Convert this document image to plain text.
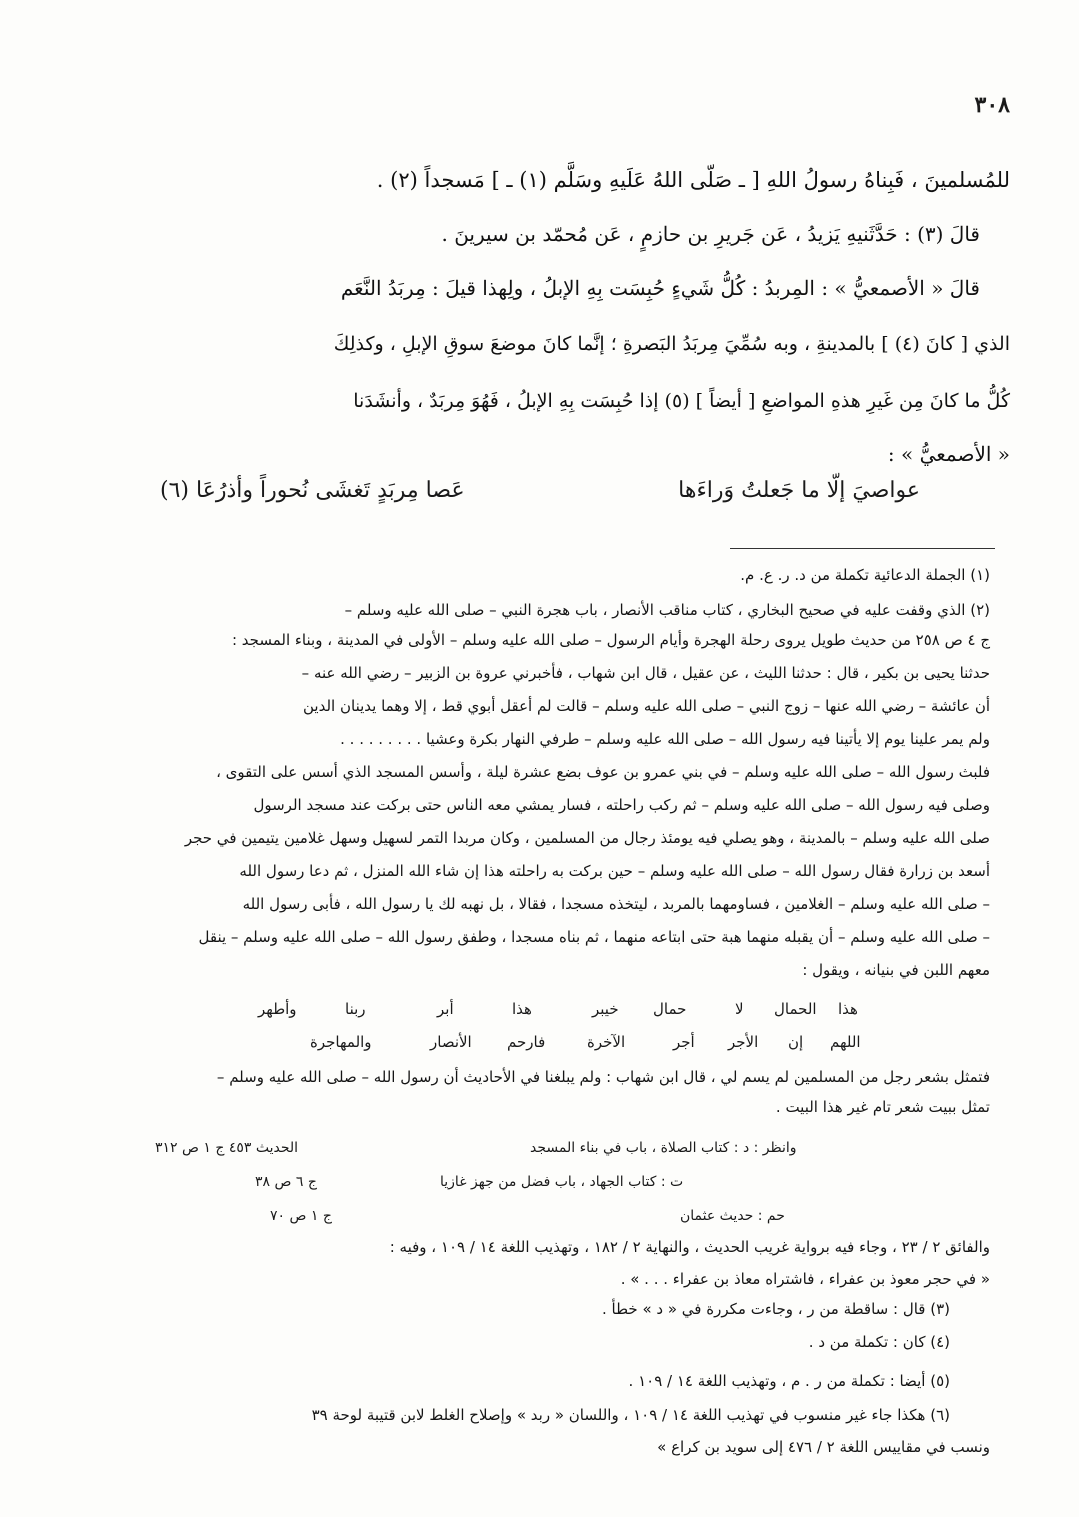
٣٠٨
للمُسلمينَ ، فَبِناهُ رسولُ اللهِ [ ـ صَلّى اللهُ عَلَيهِ وسَلَّم (١) ـ ] مَسجداً (٢) .
قالَ (٣) : حَدَّثَنيهِ يَزيدُ ، عَن جَريرِ بن حازمٍ ، عَن مُحمّد بن سيرينَ .
قالَ « الأصمعيُّ » : المِربدُ : كُلُّ شَيءٍ حُبِسَت بِهِ الإبلُ ، ولِهذا قيلَ : مِربَدُ النَّعَم
الذي [ كانَ (٤) ] بالمدينةِ ، وبه سُمِّيَ مِربَدُ البَصرةِ ؛ إنَّما كانَ موضعَ سوقِ الإبلِ ، وكذلِكَ
كُلُّ ما كانَ مِن غَيرِ هذهِ المواضعِ [ أيضاً ] (٥) إذا حُبِسَت بِهِ الإبلُ ، فَهُوَ مِربَدٌ ، وأنشَدَنا
« الأصمعيُّ » :
عواصيَ إلّا ما جَعلتُ وَراءَها
عَصا مِربَدٍ تَغشَى نُحوراً وأذرُعَا (٦)
(١) الجملة الدعائية تكملة من د. ر. ع. م.
(٢) الذي وقفت عليه في صحيح البخاري ، كتاب مناقب الأنصار ، باب هجرة النبي – صلى الله عليه وسلم –
ج ٤ ص ٢٥٨ من حديث طويل يروى رحلة الهجرة وأيام الرسول – صلى الله عليه وسلم – الأولى في المدينة ، وبناء المسجد :
حدثنا يحيى بن بكير ، قال : حدثنا الليث ، عن عقيل ، قال ابن شهاب ، فأخبرني عروة بن الزبير – رضي الله عنه –
أن عائشة – رضي الله عنها – زوج النبي – صلى الله عليه وسلم – قالت لم أعقل أبوي قط ، إلا وهما يدينان الدين
ولم يمر علينا يوم إلا يأتينا فيه رسول الله – صلى الله عليه وسلم – طرفي النهار بكرة وعشيا . . . . . . . . .
فلبث رسول الله – صلى الله عليه وسلم – في بني عمرو بن عوف بضع عشرة ليلة ، وأسس المسجد الذي أسس على التقوى ،
وصلى فيه رسول الله – صلى الله عليه وسلم – ثم ركب راحلته ، فسار يمشي معه الناس حتى بركت عند مسجد الرسول
صلى الله عليه وسلم – بالمدينة ، وهو يصلي فيه يومئذ رجال من المسلمين ، وكان مربدا التمر لسهيل وسهل غلامين يتيمين في حجر
أسعد بن زرارة فقال رسول الله – صلى الله عليه وسلم – حين بركت به راحلته هذا إن شاء الله المنزل ، ثم دعا رسول الله
– صلى الله عليه وسلم – الغلامين ، فساومهما بالمربد ، ليتخذه مسجدا ، فقالا ، بل نهبه لك يا رسول الله ، فأبى رسول الله
– صلى الله عليه وسلم – أن يقبله منهما هبة حتى ابتاعه منهما ، ثم بناه مسجدا ، وطفق رسول الله – صلى الله عليه وسلم – ينقل
معهم اللبن في بنيانه ، ويقول :
هذا
الحمال
لا
حمال
خيبر
هذا
أبر
ربنا
وأطهر
اللهم
إن
الأجر
أجر
الآخرة
فارحم
الأنصار
والمهاجرة
فتمثل بشعر رجل من المسلمين لم يسم لي ، قال ابن شهاب : ولم يبلغنا في الأحاديث أن رسول الله – صلى الله عليه وسلم –
تمثل ببيت شعر تام غير هذا البيت .
وانظر : د : كتاب الصلاة ، باب في بناء المسجد
الحديث ٤٥٣ ج ١ ص ٣١٢
ت : كتاب الجهاد ، باب فضل من جهز غازيا
ج ٦ ص ٣٨
حم : حديث عثمان
ج ١ ص ٧٠
والفائق ٢ / ٢٣ ، وجاء فيه برواية غريب الحديث ، والنهاية ٢ / ١٨٢ ، وتهذيب اللغة ١٤ / ١٠٩ ، وفيه :
« في حجر معوذ بن عفراء ، فاشتراه معاذ بن عفراء . . . » .
(٣) قال : ساقطة من ر ، وجاءت مكررة في « د » خطأ .
(٤) كان : تكملة من د .
(٥) أيضا : تكملة من ر . م ، وتهذيب اللغة ١٤ / ١٠٩ .
(٦) هكذا جاء غير منسوب في تهذيب اللغة ١٤ / ١٠٩ ، واللسان « ربد » وإصلاح الغلط لابن قتيبة لوحة ٣٩
ونسب في مقاييس اللغة ٢ / ٤٧٦ إلى سويد بن كراع »
